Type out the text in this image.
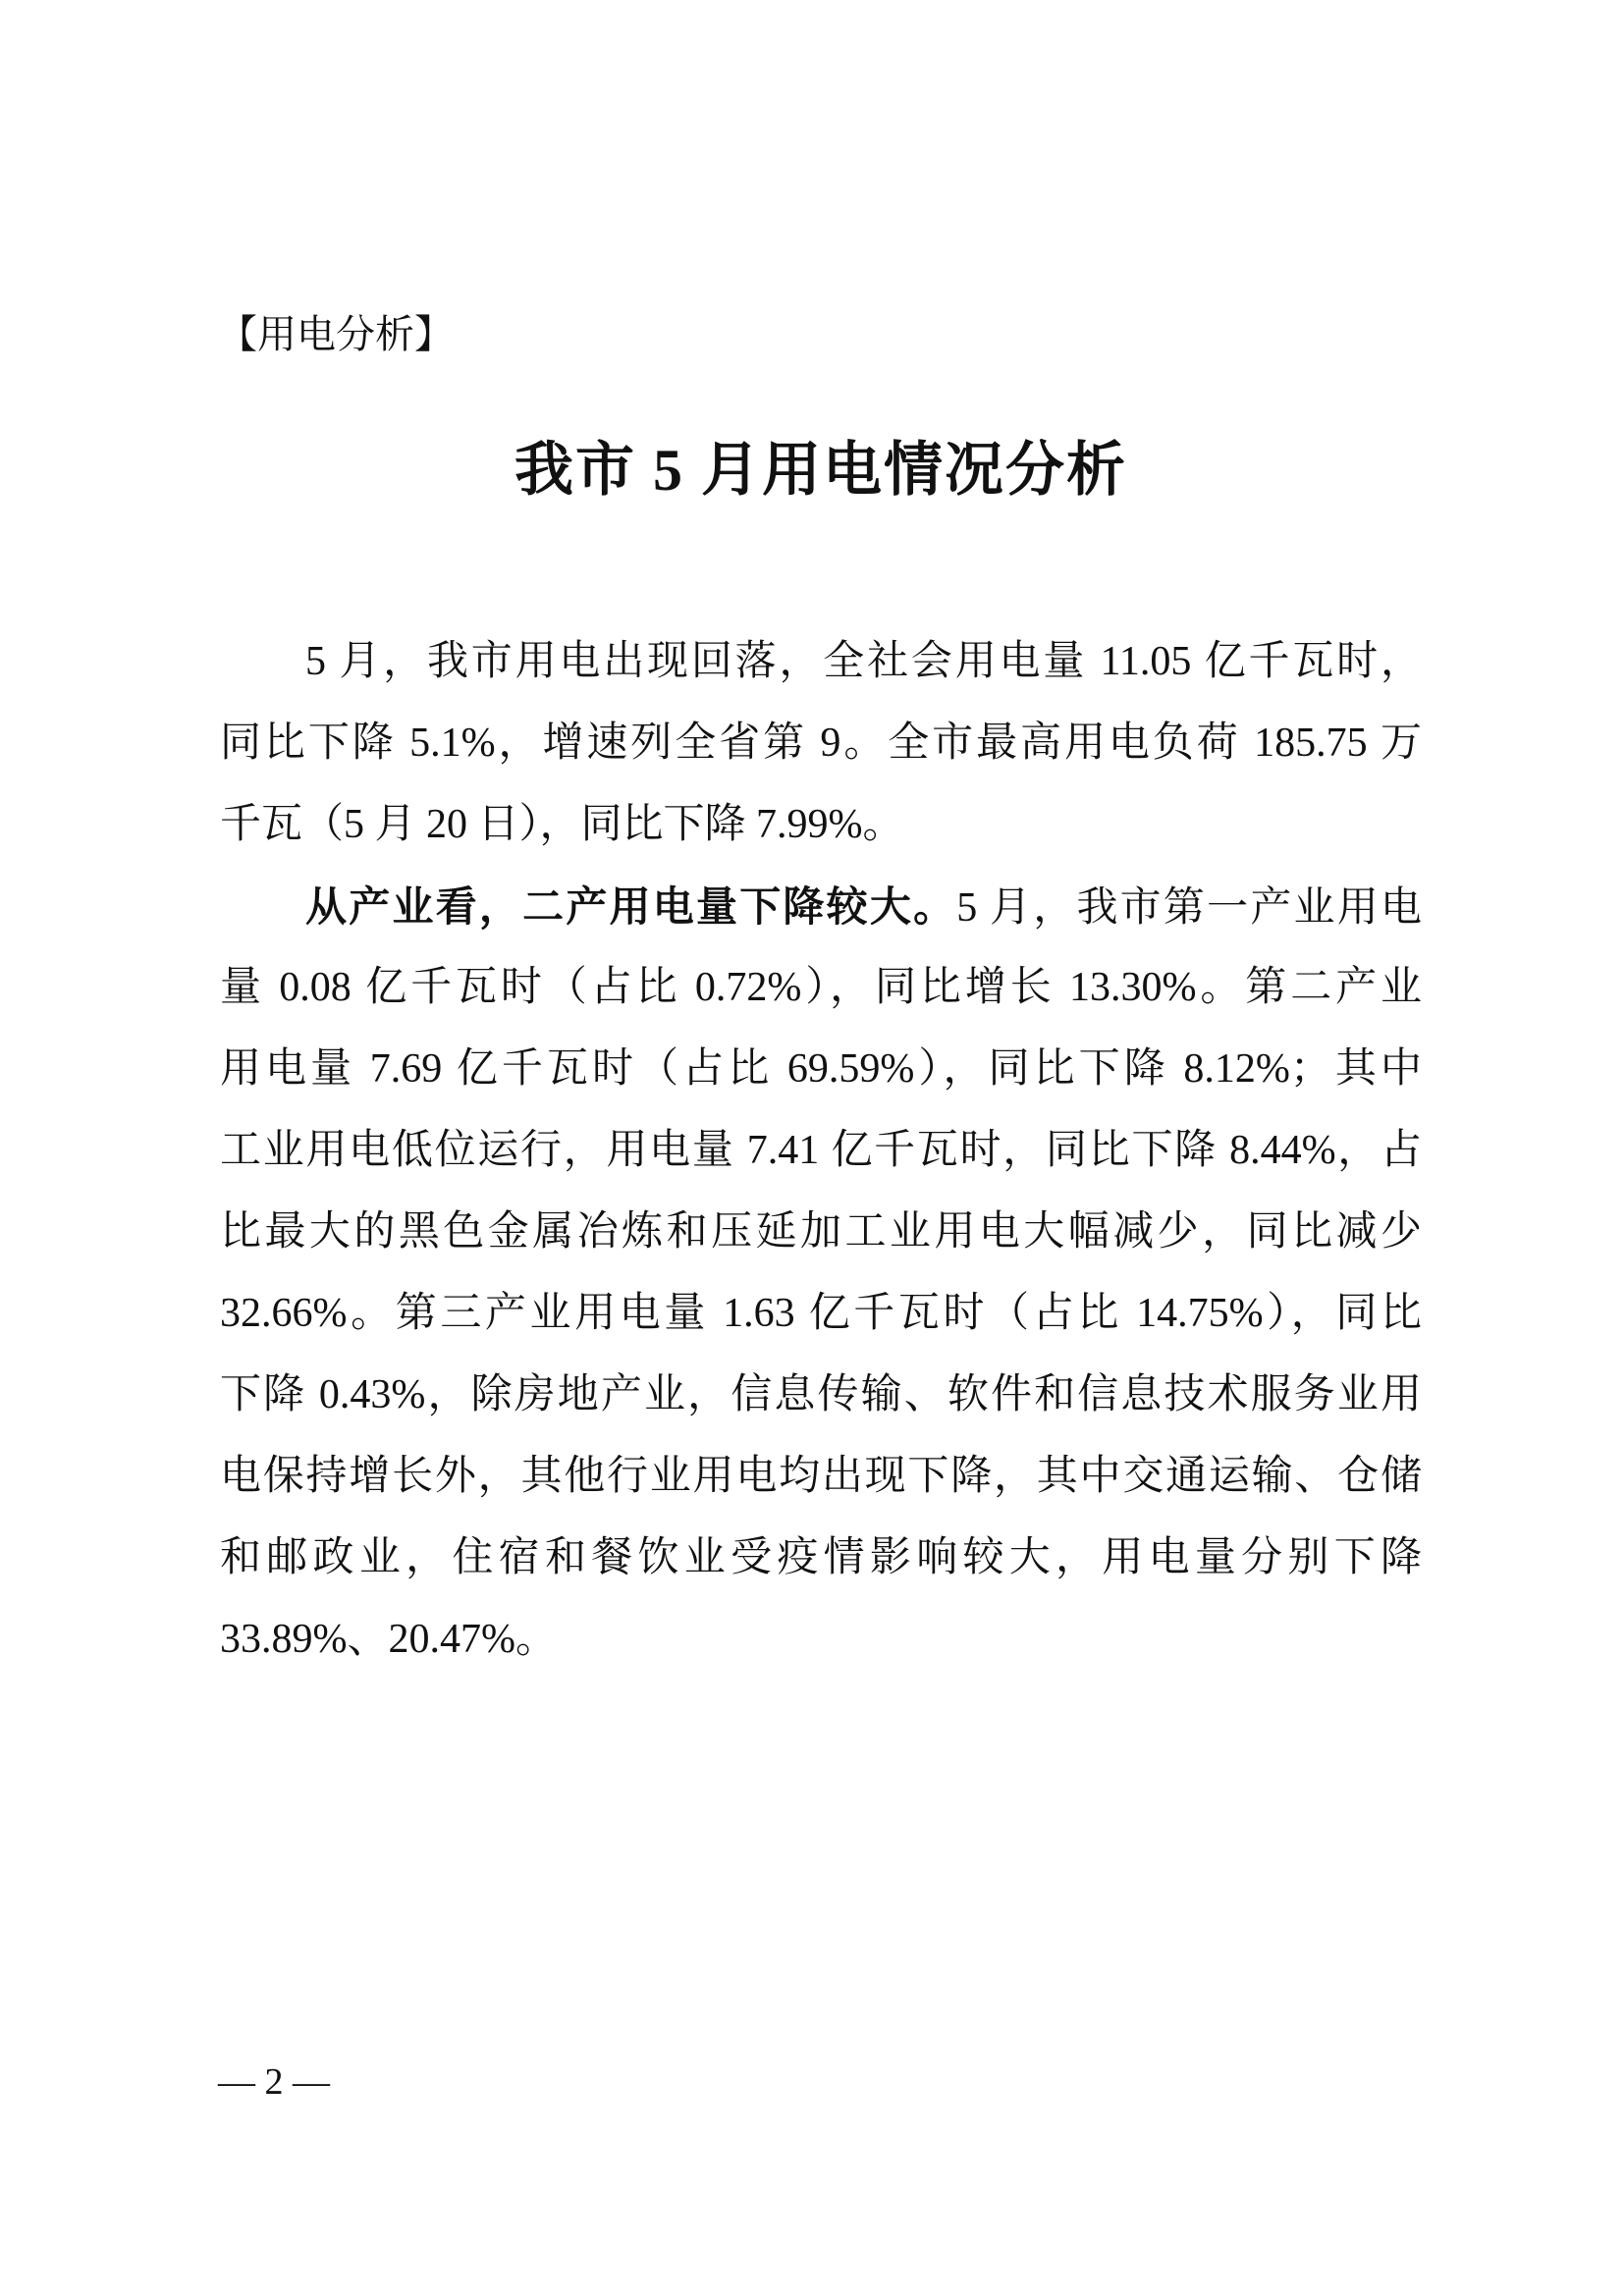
【用电分析】
我市 5 月用电情况分析
5 月，我市用电出现回落，全社会用电量 11.05 亿千瓦时，
同比下降 5.1%，增速列全省第 9。全市最高用电负荷 185.75 万
千瓦（5 月 20 日），同比下降 7.99%。
从产业看，二产用电量下降较大。5 月，我市第一产业用电
量 0.08 亿千瓦时（占比 0.72%），同比增长 13.30%。第二产业
用电量 7.69 亿千瓦时（占比 69.59%），同比下降 8.12%；其中
工业用电低位运行，用电量 7.41 亿千瓦时，同比下降 8.44%，占
比最大的黑色金属冶炼和压延加工业用电大幅减少，同比减少
32.66%。第三产业用电量 1.63 亿千瓦时（占比 14.75%），同比
下降 0.43%，除房地产业，信息传输、软件和信息技术服务业用
电保持增长外，其他行业用电均出现下降，其中交通运输、仓储
和邮政业，住宿和餐饮业受疫情影响较大，用电量分别下降
33.89%、20.47%。
— 2 —
